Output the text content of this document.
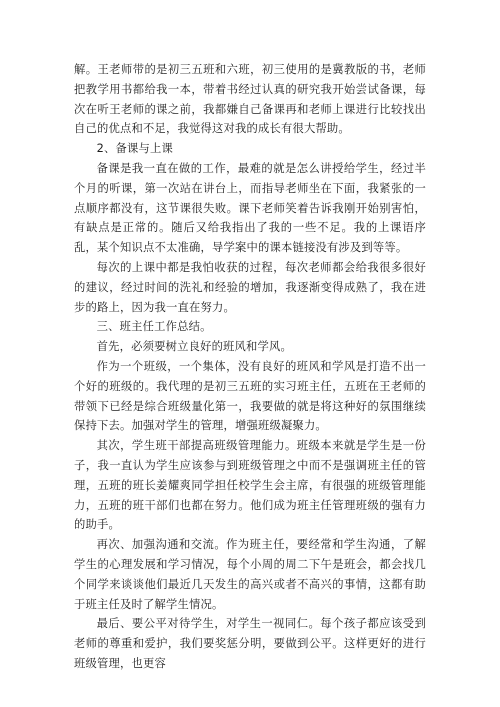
解。王老师带的是初三五班和六班，初三使用的是冀教版的书，老师把教学用书都给我一本，带着书经过认真的研究我开始尝试备课，每次在听王老师的课之前，我都嫌自己备课再和老师上课进行比较找出自己的优点和不足，我觉得这对我的成长有很大帮助。

2、备课与上课

备课是我一直在做的工作，最难的就是怎么讲授给学生，经过半个月的听课，第一次站在讲台上，而指导老师坐在下面，我紧张的一点顺序都没有，这节课很失败。课下老师笑着告诉我刚开始别害怕，有缺点是正常的。随后又给我指出了我的一些不足。我的上课语序乱，某个知识点不太准确，导学案中的课本链接没有涉及到等等。

每次的上课中都是我怕收获的过程，每次老师都会给我很多很好的建议，经过时间的洗礼和经验的增加，我逐渐变得成熟了，我在进步的路上，因为我一直在努力。

三、班主任工作总结。

首先，必须要树立良好的班风和学风。

作为一个班级，一个集体，没有良好的班风和学风是打造不出一个好的班级的。我代理的是初三五班的实习班主任，五班在王老师的带领下已经是综合班级量化第一，我要做的就是将这种好的氛围继续保持下去。加强对学生的管理，增强班级凝聚力。

其次，学生班干部提高班级管理能力。班级本来就是学生是一份子，我一直认为学生应该参与到班级管理之中而不是强调班主任的管理，五班的班长姜耀爽同学担任校学生会主席，有很强的班级管理能力，五班的班干部们也都在努力。他们成为班主任管理班级的强有力的助手。

再次、加强沟通和交流。作为班主任，要经常和学生沟通，了解学生的心理发展和学习情况，每个小周的周二下午是班会，都会找几个同学来谈谈他们最近几天发生的高兴或者不高兴的事情，这都有助于班主任及时了解学生情况。

最后、要公平对待学生，对学生一视同仁。每个孩子都应该受到老师的尊重和爱护，我们要奖惩分明，要做到公平。这样更好的进行班级管理，也更容
